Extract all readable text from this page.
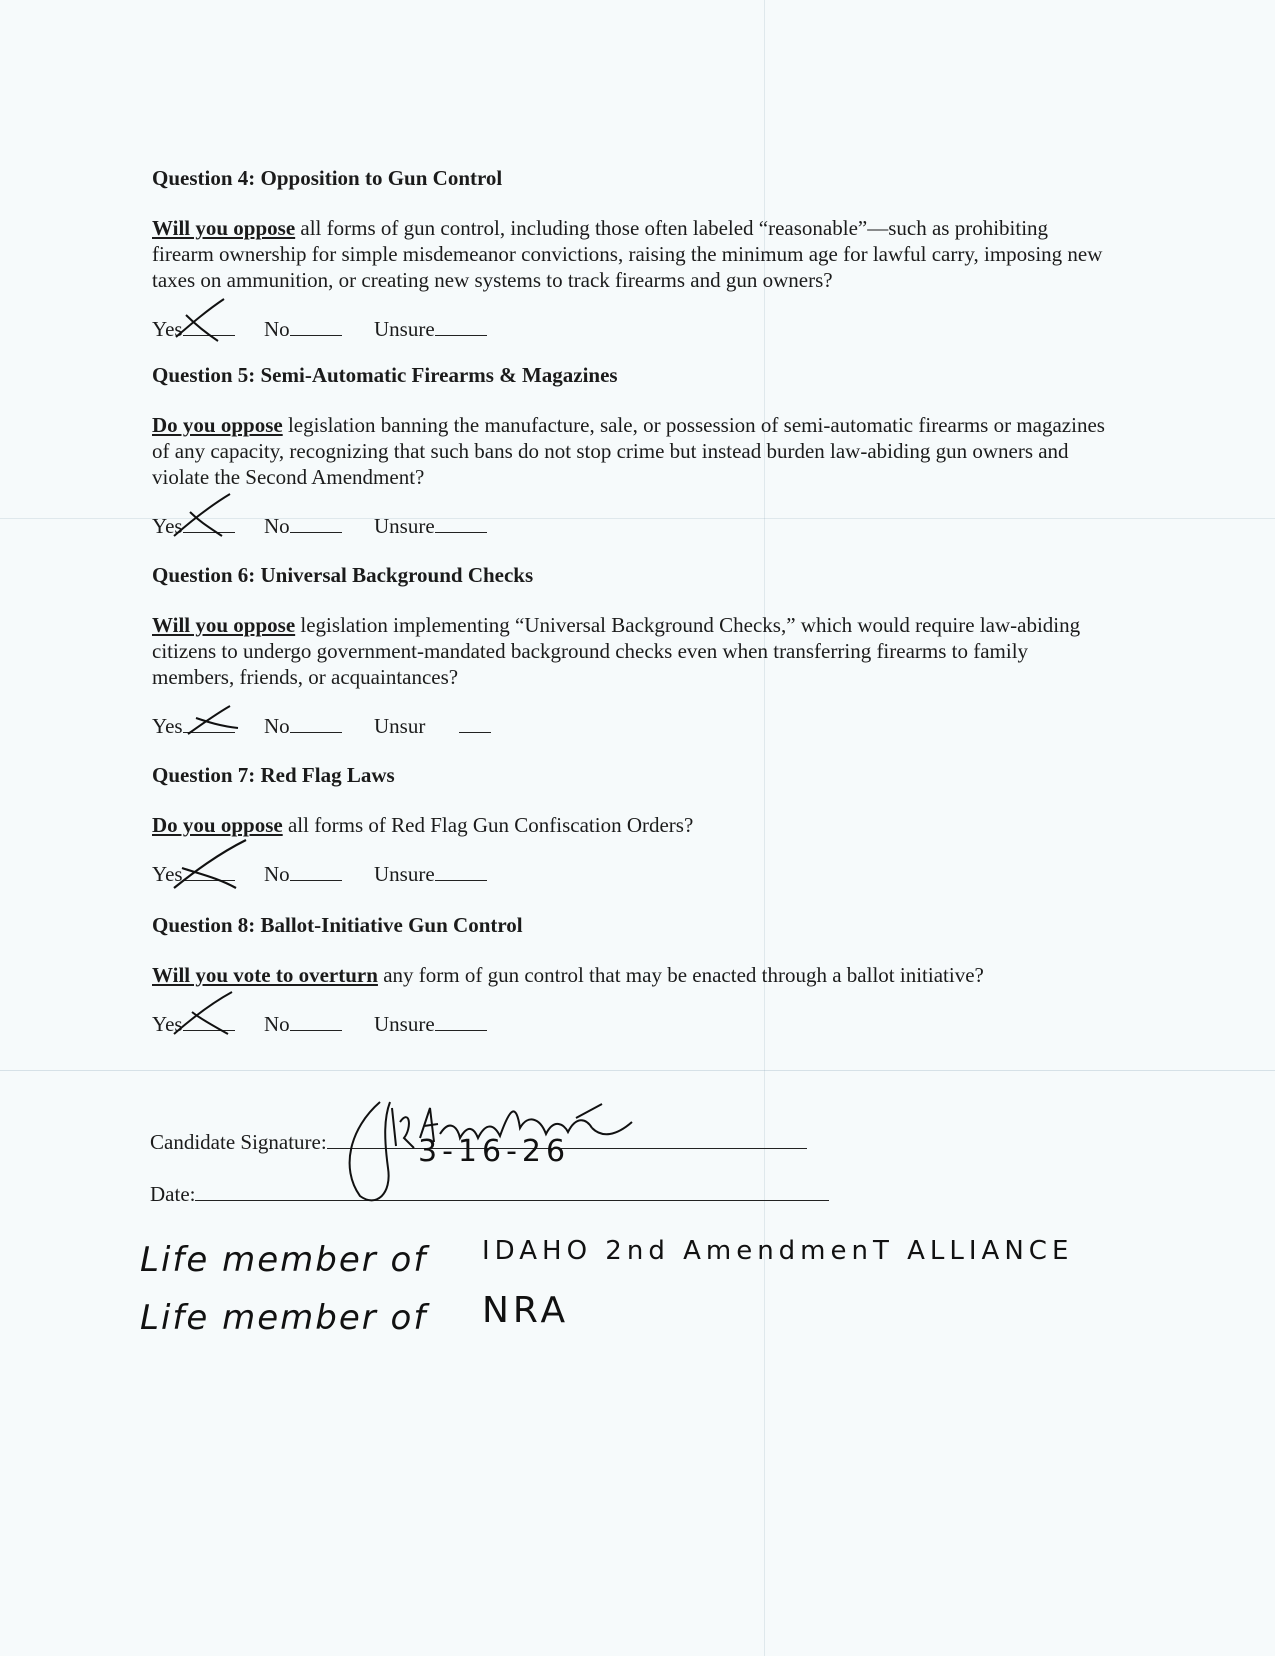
Question 4: Opposition to Gun Control

Will you oppose all forms of gun control, including those often labeled “reasonable”—such as prohibiting firearm ownership for simple misdemeanor convictions, raising the minimum age for lawful carry, imposing new taxes on ammunition, or creating new systems to track firearms and gun owners?

Yes	No	Unsure

Question 5: Semi-Automatic Firearms & Magazines

Do you oppose legislation banning the manufacture, sale, or possession of semi-automatic firearms or magazines of any capacity, recognizing that such bans do not stop crime but instead burden law-abiding gun owners and violate the Second Amendment?

Yes	No	Unsure

Question 6: Universal Background Checks

Will you oppose legislation implementing “Universal Background Checks,” which would require law-abiding citizens to undergo government-mandated background checks even when transferring firearms to family members, friends, or acquaintances?

Yes	No	Unsur

Question 7: Red Flag Laws

Do you oppose all forms of Red Flag Gun Confiscation Orders?

Yes	No	Unsure

Question 8: Ballot-Initiative Gun Control

Will you vote to overturn any form of gun control that may be enacted through a ballot initiative?

Yes	No	Unsure
Candidate Signature:
Date:
3-16-26
Life member of IDAHO 2nd AmendmenT ALLIANCE
Life member of NRA
